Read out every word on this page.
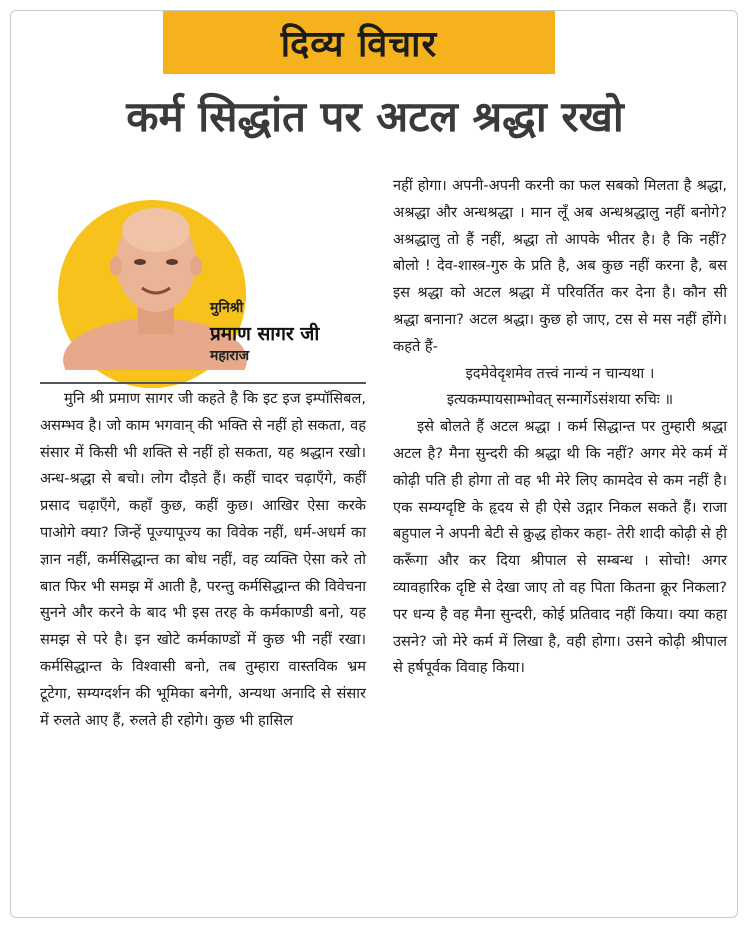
दिव्य विचार
कर्म सिद्धांत पर अटल श्रद्धा रखो
मुनिश्री
प्रमाण सागर जी
महाराज

मुनि श्री प्रमाण सागर जी कहते है कि इट इज इम्पॉसिबल, असम्भव है। जो काम भगवान् की भक्ति से नहीं हो सकता, वह संसार में किसी भी शक्ति से नहीं हो सकता, यह श्रद्धान रखो। अन्ध-श्रद्धा से बचो। लोग दौड़ते हैं। कहीं चादर चढ़ाएँगे, कहीं प्रसाद चढ़ाएँगे, कहाँ कुछ, कहीं कुछ। आखिर ऐसा करके पाओगे क्या? जिन्हें पूज्यापूज्य का विवेक नहीं, धर्म-अधर्म का ज्ञान नहीं, कर्मसिद्धान्त का बोध नहीं, वह व्यक्ति ऐसा करे तो बात फिर भी समझ में आती है, परन्तु कर्मसिद्धान्त की विवेचना सुनने और करने के बाद भी इस तरह के कर्मकाण्डी बनो, यह समझ से परे है। इन खोटे कर्मकाण्डों में कुछ भी नहीं रखा। कर्मसिद्धान्त के विश्वासी बनो, तब तुम्हारा वास्तविक भ्रम टूटेगा, सम्यग्दर्शन की भूमिका बनेगी, अन्यथा अनादि से संसार में रुलते आए हैं, रुलते ही रहोगे। कुछ भी हासिल

नहीं होगा। अपनी-अपनी करनी का फल सबको मिलता है श्रद्धा, अश्रद्धा और अन्धश्रद्धा । मान लूँ अब अन्धश्रद्धालु नहीं बनोगे? अश्रद्धालु तो हैं नहीं, श्रद्धा तो आपके भीतर है। है कि नहीं? बोलो ! देव-शास्त्र-गुरु के प्रति है, अब कुछ नहीं करना है, बस इस श्रद्धा को अटल श्रद्धा में परिवर्तित कर देना है। कौन सी श्रद्धा बनाना? अटल श्रद्धा। कुछ हो जाए, टस से मस नहीं होंगे। कहते हैं-

इदमेवेदृशमेव तत्त्वं नान्यं न चान्यथा ।

इत्यकम्पायसाम्भोवत् सन्मार्गेऽसंशया रुचिः ॥

इसे बोलते हैं अटल श्रद्धा । कर्म सिद्धान्त पर तुम्हारी श्रद्धा अटल है? मैना सुन्दरी की श्रद्धा थी कि नहीं? अगर मेरे कर्म में कोढ़ी पति ही होगा तो वह भी मेरे लिए कामदेव से कम नहीं है। एक सम्यग्दृष्टि के हृदय से ही ऐसे उद्गार निकल सकते हैं। राजा बहुपाल ने अपनी बेटी से क्रुद्ध होकर कहा- तेरी शादी कोढ़ी से ही करूँगा और कर दिया श्रीपाल से सम्बन्ध । सोचो! अगर व्यावहारिक दृष्टि से देखा जाए तो वह पिता कितना क्रूर निकला? पर धन्य है वह मैना सुन्दरी, कोई प्रतिवाद नहीं किया। क्या कहा उसने? जो मेरे कर्म में लिखा है, वही होगा। उसने कोढ़ी श्रीपाल से हर्षपूर्वक विवाह किया।
